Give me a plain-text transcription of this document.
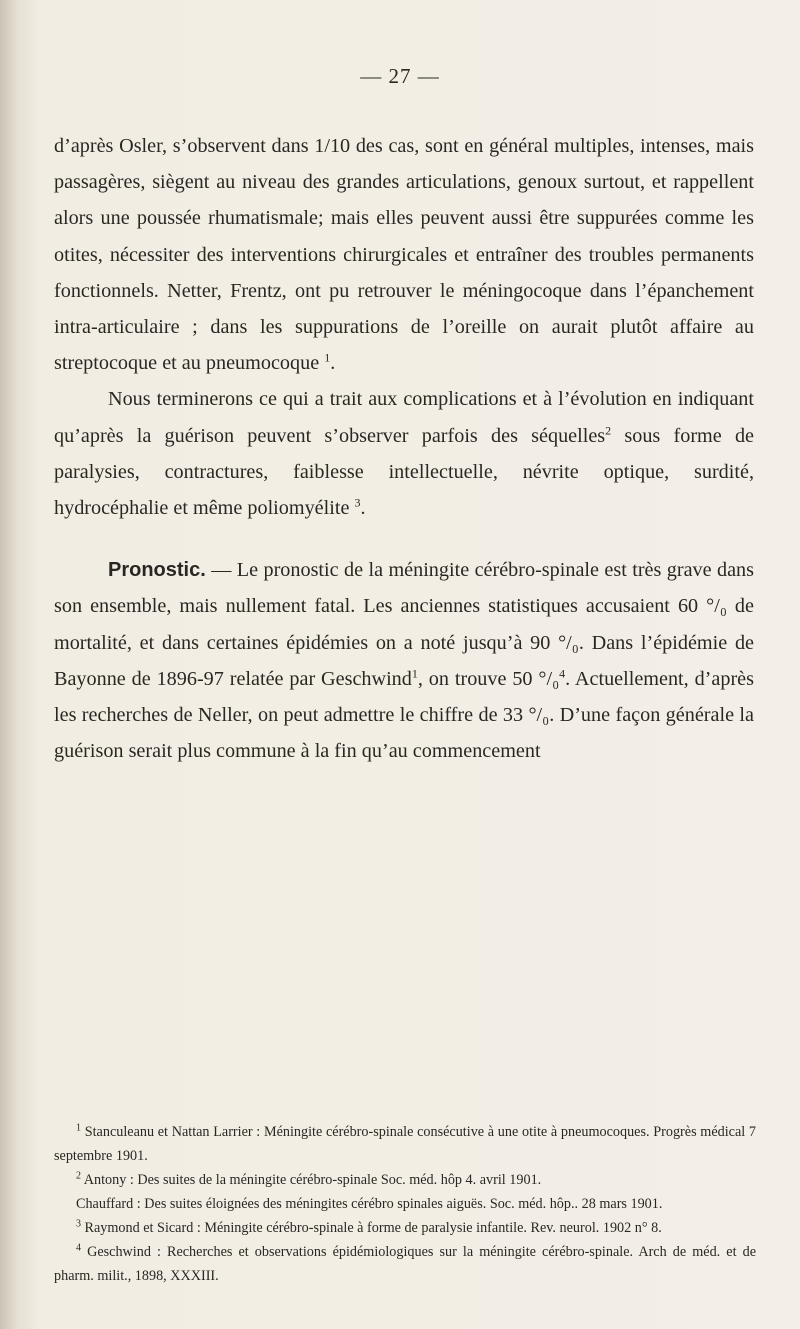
— 27 —

d’après Osler, s’observent dans 1/10 des cas, sont en général multiples, intenses, mais passagères, siègent au niveau des grandes articulations, genoux surtout, et rappellent alors une poussée rhumatismale; mais elles peuvent aussi être suppurées comme les otites, nécessiter des interventions chirurgicales et entraîner des troubles permanents fonctionnels. Netter, Frentz, ont pu retrouver le méningocoque dans l’épanchement intra-articulaire ; dans les suppurations de l’oreille on aurait plutôt affaire au streptocoque et au pneumocoque $^1$.

Nous terminerons ce qui a trait aux complications et à l’évolution en indiquant qu’après la guérison peuvent s’observer parfois des séquelles$^2$ sous forme de paralysies, contractures, faiblesse intellectuelle, névrite optique, surdité, hydrocéphalie et même poliomyélite $^3$.

Pronostic. — Le pronostic de la méningite cérébro-spinale est très grave dans son ensemble, mais nullement fatal. Les anciennes statistiques accusaient 60 °/₀ de mortalité, et dans certaines épidémies on a noté jusqu’à 90 °/₀. Dans l’épidémie de Bayonne de 1896-97 relatée par Geschwind$^1$, on trouve 50 °/₀$^4$. Actuellement, d’après les recherches de Neller, on peut admettre le chiffre de 33 °/₀. D’une façon générale la guérison serait plus commune à la fin qu’au commencement

$^1$ Stanculeanu et Nattan Larrier : Méningite cérébro-spinale consécutive à une otite à pneumocoques. Progrès médical 7 septembre 1901.

$^2$ Antony : Des suites de la méningite cérébro-spinale Soc. méd. hôp 4. avril 1901.

Chauffard : Des suites éloignées des méningites cérébro spinales aiguës. Soc. méd. hôp.. 28 mars 1901.

$^3$ Raymond et Sicard : Méningite cérébro-spinale à forme de paralysie infantile. Rev. neurol. 1902 n° 8.

$^4$ Geschwind : Recherches et observations épidémiologiques sur la méningite cérébro-spinale. Arch de méd. et de pharm. milit., 1898, XXXIII.
